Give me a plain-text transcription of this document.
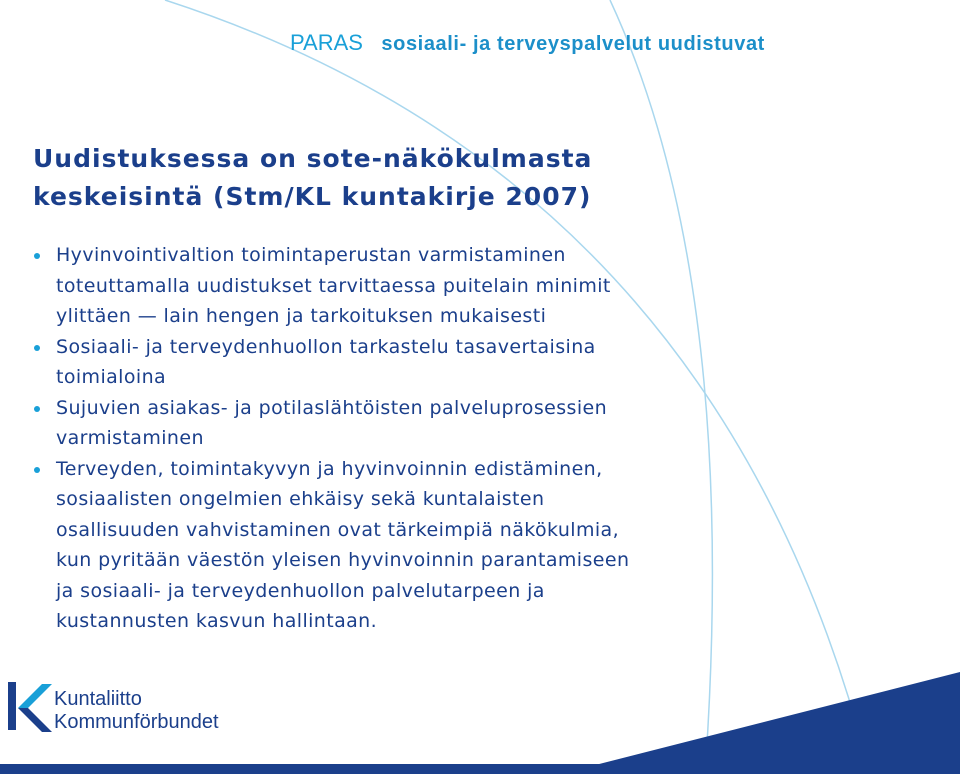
PARAS sosiaali- ja terveyspalvelut uudistuvat
Uudistuksessa on sote-näkökulmasta
keskeisintä (Stm/KL kuntakirje 2007)
Hyvinvointivaltion toimintaperustan varmistaminen
toteuttamalla uudistukset tarvittaessa puitelain minimit
ylittäen — lain hengen ja tarkoituksen mukaisesti
Sosiaali- ja terveydenhuollon tarkastelu tasavertaisina
toimialoina
Sujuvien asiakas- ja potilaslähtöisten palveluprosessien
varmistaminen
Terveyden, toimintakyvyn ja hyvinvoinnin edistäminen,
sosiaalisten ongelmien ehkäisy sekä kuntalaisten
osallisuuden vahvistaminen ovat tärkeimpiä näkökulmia,
kun pyritään väestön yleisen hyvinvoinnin parantamiseen
ja sosiaali- ja terveydenhuollon palvelutarpeen ja
kustannusten kasvun hallintaan.
Kuntaliitto
Kommunförbundet
